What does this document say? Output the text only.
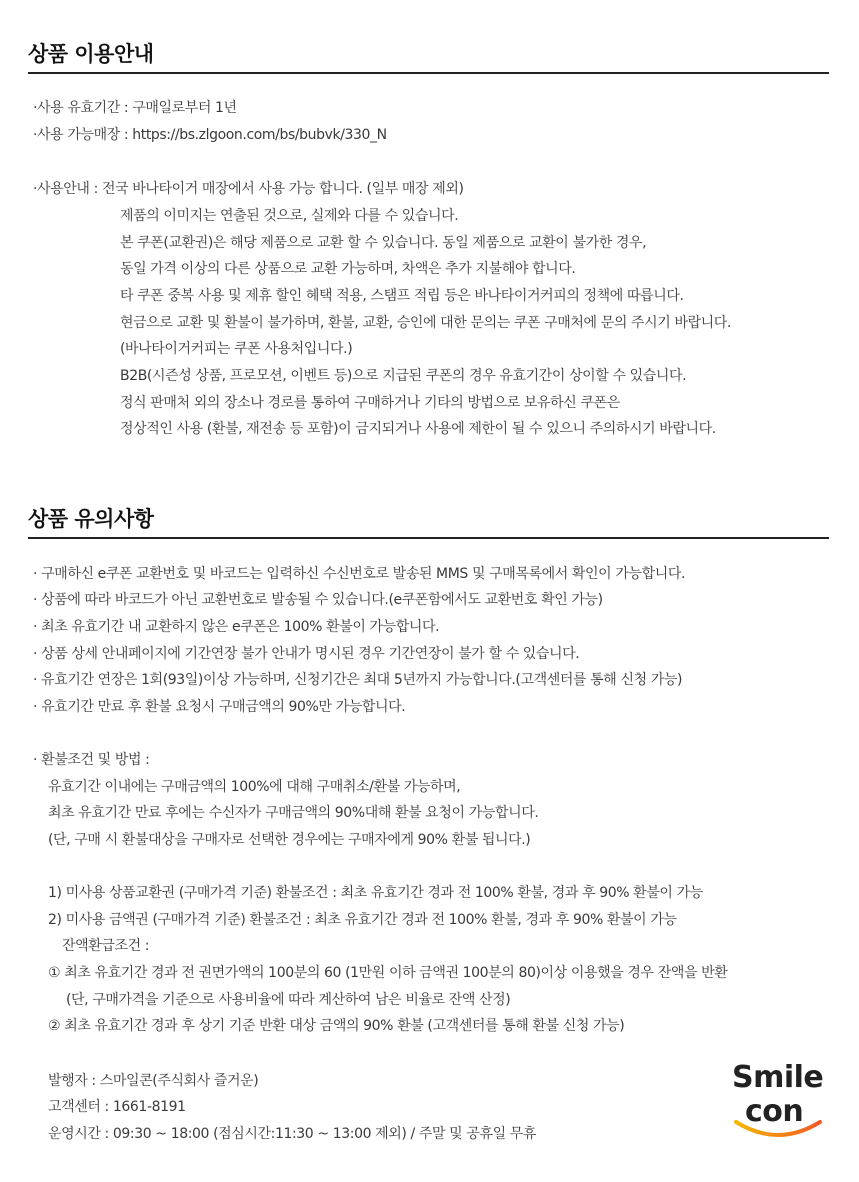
상품 이용안내
·사용 유효기간 : 구매일로부터 1년
·사용 가능매장 : https://bs.zlgoon.com/bs/bubvk/330_N
·사용안내 : 전국 바나타이거 매장에서 사용 가능 합니다. (일부 매장 제외)
제품의 이미지는 연출된 것으로, 실제와 다를 수 있습니다.
본 쿠폰(교환권)은 해당 제품으로 교환 할 수 있습니다. 동일 제품으로 교환이 불가한 경우,
동일 가격 이상의 다른 상품으로 교환 가능하며, 차액은 추가 지불해야 합니다.
타 쿠폰 중복 사용 및 제휴 할인 혜택 적용, 스탬프 적립 등은 바나타이거커피의 정책에 따릅니다.
현금으로 교환 및 환불이 불가하며, 환불, 교환, 승인에 대한 문의는 쿠폰 구매처에 문의 주시기 바랍니다.
(바나타이거커피는 쿠폰 사용처입니다.)
B2B(시즌성 상품, 프로모션, 이벤트 등)으로 지급된 쿠폰의 경우 유효기간이 상이할 수 있습니다.
정식 판매처 외의 장소나 경로를 통하여 구매하거나 기타의 방법으로 보유하신 쿠폰은
정상적인 사용 (환불, 재전송 등 포함)이 금지되거나 사용에 제한이 될 수 있으니 주의하시기 바랍니다.
상품 유의사항
· 구매하신 e쿠폰 교환번호 및 바코드는 입력하신 수신번호로 발송된 MMS 및 구매목록에서 확인이 가능합니다.
· 상품에 따라 바코드가 아닌 교환번호로 발송될 수 있습니다.(e쿠폰함에서도 교환번호 확인 가능)
· 최초 유효기간 내 교환하지 않은 e쿠폰은 100% 환불이 가능합니다.
· 상품 상세 안내페이지에 기간연장 불가 안내가 명시된 경우 기간연장이 불가 할 수 있습니다.
· 유효기간 연장은 1회(93일)이상 가능하며, 신청기간은 최대 5년까지 가능합니다.(고객센터를 통해 신청 가능)
· 유효기간 만료 후 환불 요청시 구매금액의 90%만 가능합니다.
· 환불조건 및 방법 :
유효기간 이내에는 구매금액의 100%에 대해 구매취소/환불 가능하며,
최초 유효기간 만료 후에는 수신자가 구매금액의 90%대해 환불 요청이 가능합니다.
(단, 구매 시 환불대상을 구매자로 선택한 경우에는 구매자에게 90% 환불 됩니다.)
1) 미사용 상품교환권 (구매가격 기준) 환불조건 : 최초 유효기간 경과 전 100% 환불, 경과 후 90% 환불이 가능
2) 미사용 금액권 (구매가격 기준) 환불조건 : 최초 유효기간 경과 전 100% 환불, 경과 후 90% 환불이 가능
잔액환급조건 :
① 최초 유효기간 경과 전 권면가액의 100분의 60 (1만원 이하 금액권 100분의 80)이상 이용했을 경우 잔액을 반환
(단, 구매가격을 기준으로 사용비율에 따라 계산하여 남은 비율로 잔액 산정)
② 최초 유효기간 경과 후 상기 기준 반환 대상 금액의 90% 환불 (고객센터를 통해 환불 신청 가능)
발행자 : 스마일콘(주식회사 즐거운)
고객센터 : 1661-8191
운영시간 : 09:30 ~ 18:00 (점심시간:11:30 ~ 13:00 제외) / 주말 및 공휴일 무휴
Smile
con
